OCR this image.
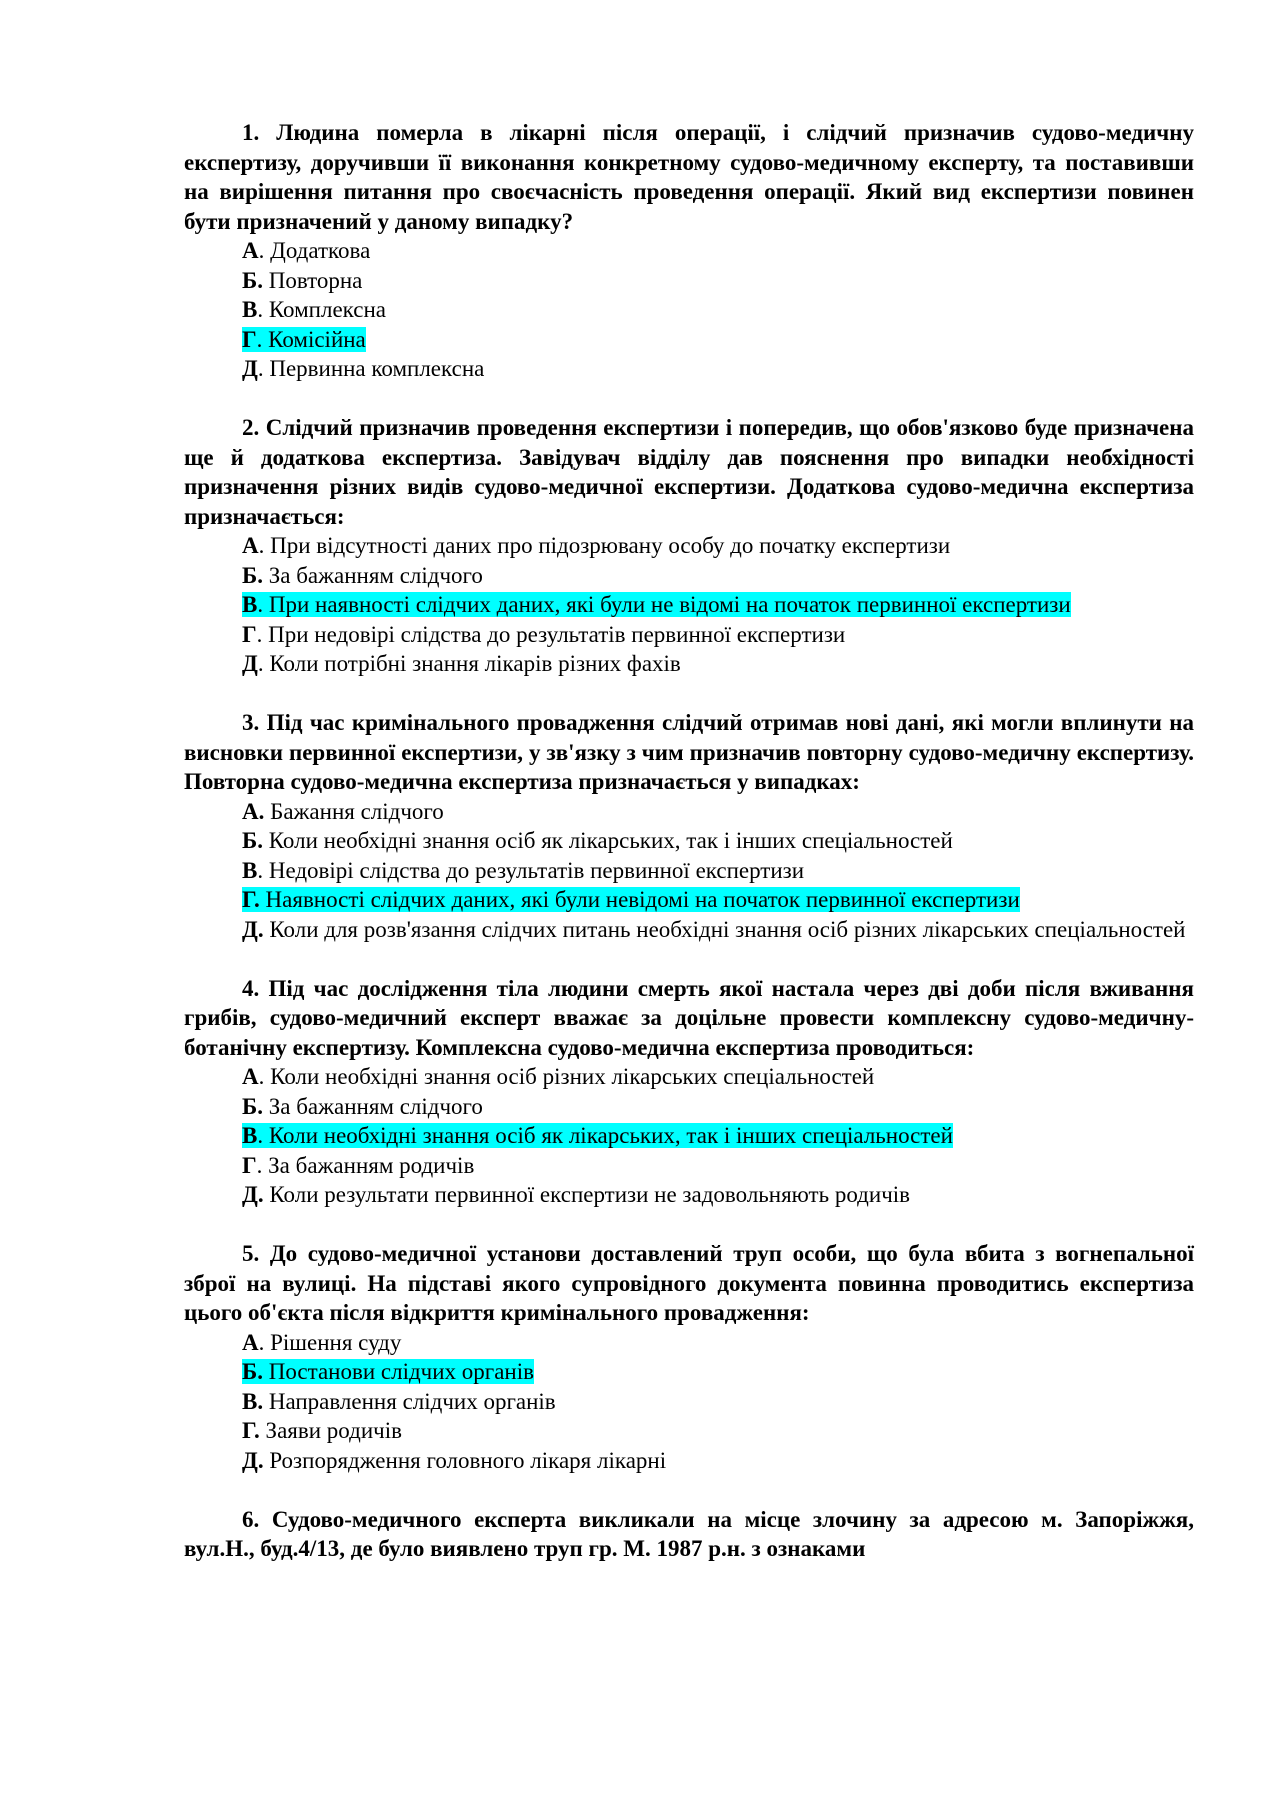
1. Людина померла в лікарні після операції, і слідчий призначив судово-медичну експертизу, доручивши її виконання конкретному судово-медичному експерту, та поставивши на вирішення питання про своєчасність проведення операції. Який вид експертизи повинен бути призначений у даному випадку?

А. Додаткова

Б. Повторна

В. Комплексна

Г. Комісійна

Д. Первинна комплексна

2. Слідчий призначив проведення експертизи і попередив, що обов'язково буде призначена ще й додаткова експертиза. Завідувач відділу дав пояснення про випадки необхідності призначення різних видів судово-медичної експертизи. Додаткова судово-медична експертиза призначається:

А. При відсутності даних про підозрювану особу до початку експертизи

Б. За бажанням слідчого

В. При наявності слідчих даних, які були не відомі на початок первинної експертизи

Г. При недовірі слідства до результатів первинної експертизи

Д. Коли потрібні знання лікарів різних фахів

3. Під час кримінального провадження слідчий отримав нові дані, які могли вплинути на висновки первинної експертизи, у зв'язку з чим призначив повторну судово-медичну експертизу. Повторна судово-медична експертиза призначається у випадках:

А. Бажання слідчого

Б. Коли необхідні знання осіб як лікарських, так і інших спеціальностей

В. Недовірі слідства до результатів первинної експертизи

Г. Наявності слідчих даних, які були невідомі на початок первинної експертизи

Д. Коли для розв'язання слідчих питань необхідні знання осіб різних лікарських спеціальностей

4. Під час дослідження тіла людини смерть якої настала через дві доби після вживання грибів, судово-медичний експерт вважає за доцільне провести комплексну судово-медичну-ботанічну експертизу. Комплексна судово-медична експертиза проводиться:

А. Коли необхідні знання осіб різних лікарських спеціальностей

Б. За бажанням слідчого

В. Коли необхідні знання осіб як лікарських, так і інших спеціальностей

Г. За бажанням родичів

Д. Коли результати первинної експертизи не задовольняють родичів

5. До судово-медичної установи доставлений труп особи, що була вбита з вогнепальної зброї на вулиці. На підставі якого супровідного документа повинна проводитись експертиза цього об'єкта після відкриття кримінального провадження:

А. Рішення суду

Б. Постанови слідчих органів

В. Направлення слідчих органів

Г. Заяви родичів

Д. Розпорядження головного лікаря лікарні

6. Судово-медичного експерта викликали на місце злочину за адресою м. Запоріжжя, вул.Н., буд.4/13, де було виявлено труп гр. М. 1987 р.н. з ознаками
